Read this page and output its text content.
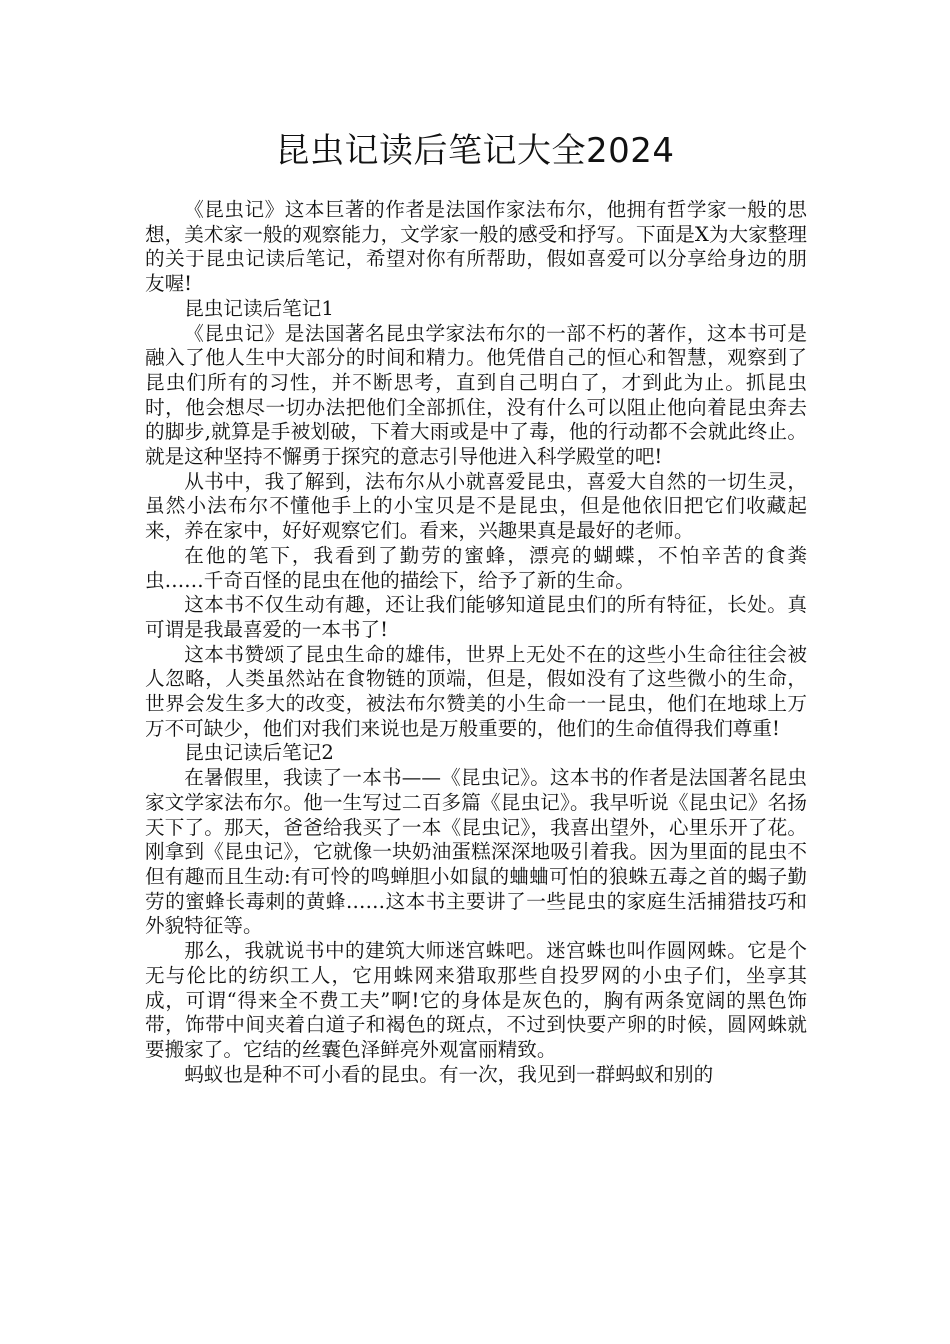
昆虫记读后笔记大全2024

《昆虫记》这本巨著的作者是法国作家法布尔，他拥有哲学家一般的思想，美术家一般的观察能力，文学家一般的感受和抒写。下面是X为大家整理的关于昆虫记读后笔记，希望对你有所帮助，假如喜爱可以分享给身边的朋友喔!

昆虫记读后笔记1

《昆虫记》是法国著名昆虫学家法布尔的一部不朽的著作，这本书可是融入了他人生中大部分的时间和精力。他凭借自己的恒心和智慧，观察到了昆虫们所有的习性，并不断思考，直到自己明白了，才到此为止。抓昆虫时，他会想尽一切办法把他们全部抓住，没有什么可以阻止他向着昆虫奔去的脚步,就算是手被划破，下着大雨或是中了毒，他的行动都不会就此终止。就是这种坚持不懈勇于探究的意志引导他进入科学殿堂的吧!

从书中，我了解到，法布尔从小就喜爱昆虫，喜爱大自然的一切生灵，虽然小法布尔不懂他手上的小宝贝是不是昆虫，但是他依旧把它们收藏起来，养在家中，好好观察它们。看来，兴趣果真是最好的老师。

在他的笔下，我看到了勤劳的蜜蜂，漂亮的蝴蝶，不怕辛苦的食粪虫……千奇百怪的昆虫在他的描绘下，给予了新的生命。

这本书不仅生动有趣，还让我们能够知道昆虫们的所有特征，长处。真可谓是我最喜爱的一本书了!

这本书赞颂了昆虫生命的雄伟，世界上无处不在的这些小生命往往会被人忽略，人类虽然站在食物链的顶端，但是，假如没有了这些微小的生命，世界会发生多大的改变，被法布尔赞美的小生命一一昆虫，他们在地球上万万不可缺少，他们对我们来说也是万般重要的，他们的生命值得我们尊重!

昆虫记读后笔记2

在暑假里，我读了一本书——《昆虫记》。这本书的作者是法国著名昆虫家文学家法布尔。他一生写过二百多篇《昆虫记》。我早听说《昆虫记》名扬天下了。那天，爸爸给我买了一本《昆虫记》，我喜出望外，心里乐开了花。刚拿到《昆虫记》，它就像一块奶油蛋糕深深地吸引着我。因为里面的昆虫不但有趣而且生动:有可怜的鸣蝉胆小如鼠的蛐蛐可怕的狼蛛五毒之首的蝎子勤劳的蜜蜂长毒刺的黄蜂……这本书主要讲了一些昆虫的家庭生活捕猎技巧和外貌特征等。

那么，我就说书中的建筑大师迷宫蛛吧。迷宫蛛也叫作圆网蛛。它是个无与伦比的纺织工人，它用蛛网来猎取那些自投罗网的小虫子们，坐享其成，可谓“得来全不费工夫”啊!它的身体是灰色的，胸有两条宽阔的黑色饰带，饰带中间夹着白道子和褐色的斑点，不过到快要产卵的时候，圆网蛛就要搬家了。它结的丝囊色泽鲜亮外观富丽精致。

蚂蚁也是种不可小看的昆虫。有一次，我见到一群蚂蚁和别的
